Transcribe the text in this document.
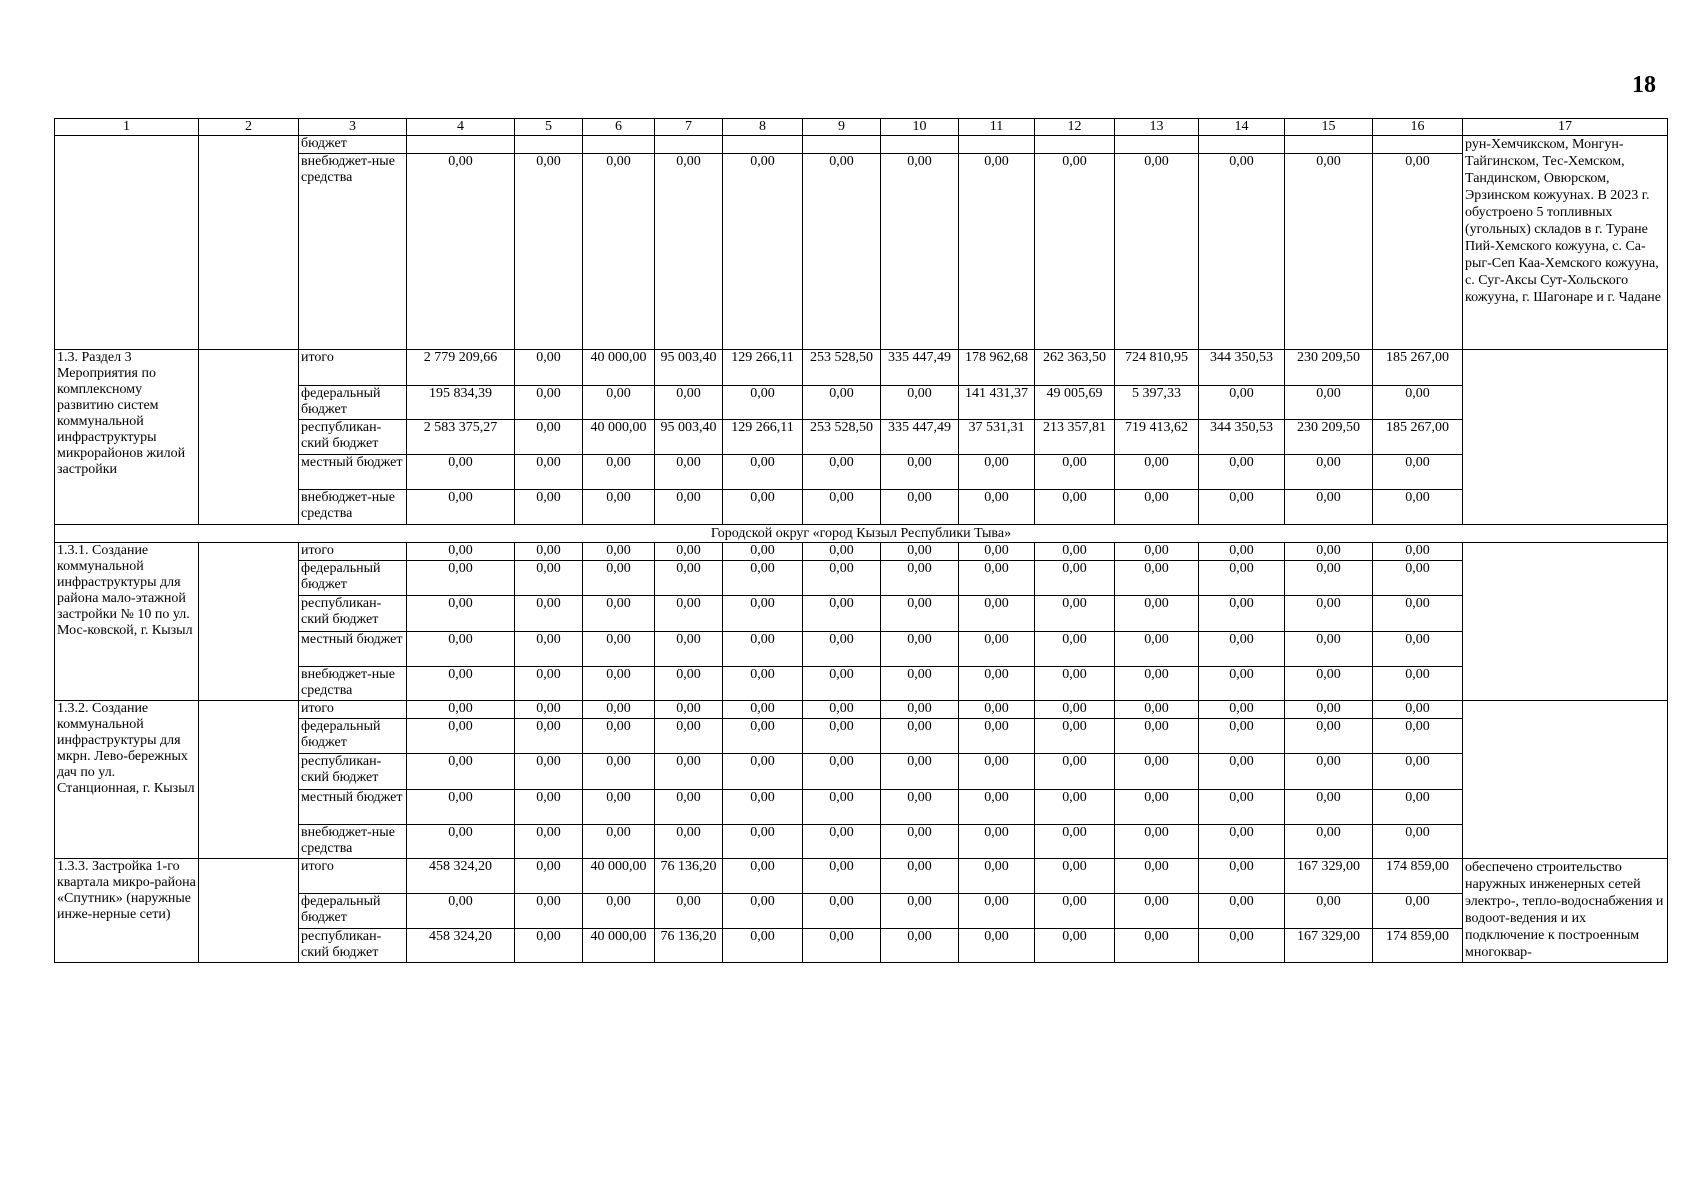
18
1	2	3	4	5	6	7	8	9	10	11	12	13	14	15	16	17
		бюджет														рун-Хемчикском, Монгун-Тайгинском, Тес-Хемском, Тандинском, Овюрском, Эрзинском кожуунах. В 2023 г. обустроено 5 топливных (угольных) складов в г. Туране Пий-Хемского кожууна, с. Са-рыг-Сеп Каа-Хемского кожууна, с. Суг-Аксы Сут-Хольского кожууна, г. Шагонаре и г. Чадане
		внебюджет-ные средства	0,00	0,00	0,00	0,00	0,00	0,00	0,00	0,00	0,00	0,00	0,00	0,00	0,00	
1.3. Раздел 3 Мероприятия по комплексному развитию систем коммунальной инфраструктуры микрорайонов жилой застройки		итого	2 779 209,66	0,00	40 000,00	95 003,40	129 266,11	253 528,50	335 447,49	178 962,68	262 363,50	724 810,95	344 350,53	230 209,50	185 267,00	
		федеральный бюджет	195 834,39	0,00	0,00	0,00	0,00	0,00	0,00	141 431,37	49 005,69	5 397,33	0,00	0,00	0,00	
		республикан-ский бюджет	2 583 375,27	0,00	40 000,00	95 003,40	129 266,11	253 528,50	335 447,49	37 531,31	213 357,81	719 413,62	344 350,53	230 209,50	185 267,00	
		местный бюджет	0,00	0,00	0,00	0,00	0,00	0,00	0,00	0,00	0,00	0,00	0,00	0,00	0,00	
		внебюджет-ные средства	0,00	0,00	0,00	0,00	0,00	0,00	0,00	0,00	0,00	0,00	0,00	0,00	0,00	
Городской округ «город Кызыл Республики Тыва»																
1.3.1. Создание коммунальной инфраструктуры для района мало-этажной застройки № 10 по ул. Мос-ковской, г. Кызыл		итого	0,00	0,00	0,00	0,00	0,00	0,00	0,00	0,00	0,00	0,00	0,00	0,00	0,00	
		федеральный бюджет	0,00	0,00	0,00	0,00	0,00	0,00	0,00	0,00	0,00	0,00	0,00	0,00	0,00	
		республикан-ский бюджет	0,00	0,00	0,00	0,00	0,00	0,00	0,00	0,00	0,00	0,00	0,00	0,00	0,00	
		местный бюджет	0,00	0,00	0,00	0,00	0,00	0,00	0,00	0,00	0,00	0,00	0,00	0,00	0,00	
		внебюджет-ные средства	0,00	0,00	0,00	0,00	0,00	0,00	0,00	0,00	0,00	0,00	0,00	0,00	0,00	
1.3.2. Создание коммунальной инфраструктуры для мкрн. Лево-бережных дач по ул. Станционная, г. Кызыл		итого	0,00	0,00	0,00	0,00	0,00	0,00	0,00	0,00	0,00	0,00	0,00	0,00	0,00	
		федеральный бюджет	0,00	0,00	0,00	0,00	0,00	0,00	0,00	0,00	0,00	0,00	0,00	0,00	0,00	
		республикан-ский бюджет	0,00	0,00	0,00	0,00	0,00	0,00	0,00	0,00	0,00	0,00	0,00	0,00	0,00	
		местный бюджет	0,00	0,00	0,00	0,00	0,00	0,00	0,00	0,00	0,00	0,00	0,00	0,00	0,00	
		внебюджет-ные средства	0,00	0,00	0,00	0,00	0,00	0,00	0,00	0,00	0,00	0,00	0,00	0,00	0,00	
1.3.3. Застройка 1-го квартала микро-района «Спутник» (наружные инже-нерные сети)		итого	458 324,20	0,00	40 000,00	76 136,20	0,00	0,00	0,00	0,00	0,00	0,00	0,00	167 329,00	174 859,00	обеспечено строительство наружных инженерных сетей электро-, тепло-водоснабжения и водоот-ведения и их подключение к построенным многоквар-
		федеральный бюджет	0,00	0,00	0,00	0,00	0,00	0,00	0,00	0,00	0,00	0,00	0,00	0,00	0,00	
		республикан-ский бюджет	458 324,20	0,00	40 000,00	76 136,20	0,00	0,00	0,00	0,00	0,00	0,00	0,00	167 329,00	174 859,00	
